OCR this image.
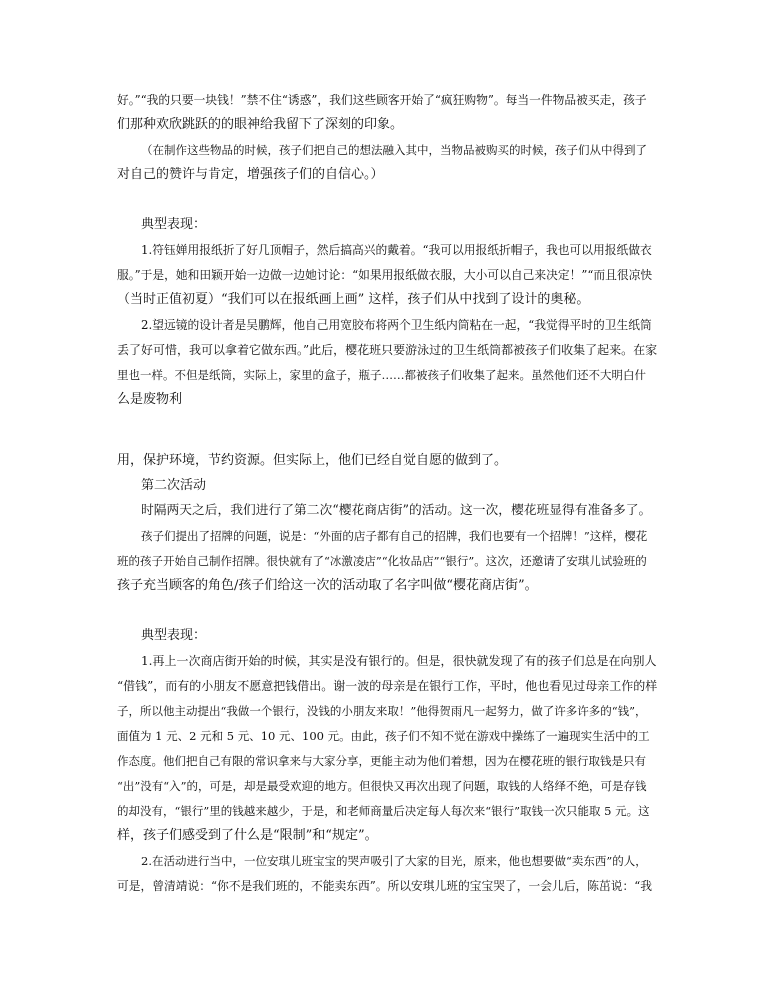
好。”“我的只要一块钱！”禁不住“诱惑”，我们这些顾客开始了“疯狂购物”。每当一件物品被买走，孩子
们那种欢欣跳跃的的眼神给我留下了深刻的印象。
（在制作这些物品的时候，孩子们把自己的想法融入其中，当物品被购买的时候，孩子们从中得到了
对自己的赞许与肯定，增强孩子们的自信心。）
典型表现：
1.符钰婵用报纸折了好几顶帽子，然后搞高兴的戴着。“我可以用报纸折帽子，我也可以用报纸做衣
服。”于是，她和田颖开始一边做一边她讨论：“如果用报纸做衣服，大小可以自己来决定！”“而且很凉快
（当时正值初夏）“我们可以在报纸画上画” 这样，孩子们从中找到了设计的奥秘。
2.望远镜的设计者是吴鹏辉，他自己用宽胶布将两个卫生纸内筒粘在一起，“我觉得平时的卫生纸筒
丢了好可惜，我可以拿着它做东西。”此后，樱花班只要游泳过的卫生纸筒都被孩子们收集了起来。在家
里也一样。不但是纸筒，实际上，家里的盒子，瓶子……都被孩子们收集了起来。虽然他们还不大明白什
么是废物利
用，保护环境，节约资源。但实际上，他们已经自觉自愿的做到了。
第二次活动
时隔两天之后，我们进行了第二次“樱花商店街”的活动。这一次，樱花班显得有准备多了。
孩子们提出了招牌的问题，说是：“外面的店子都有自己的招牌，我们也要有一个招牌！”这样，樱花
班的孩子开始自己制作招牌。很快就有了“冰激凌店”“化妆品店”“银行”。这次，还邀请了安琪儿试验班的
孩子充当顾客的角色/孩子们给这一次的活动取了名字叫做“樱花商店街”。
典型表现：
1.再上一次商店街开始的时候，其实是没有银行的。但是，很快就发现了有的孩子们总是在向别人
“借钱”，而有的小朋友不愿意把钱借出。谢一波的母亲是在银行工作，平时，他也看见过母亲工作的样
子，所以他主动提出“我做一个银行，没钱的小朋友来取！”他得贺雨凡一起努力，做了许多许多的“钱”，
面值为 1 元、2 元和 5 元、10 元、100 元。由此，孩子们不知不觉在游戏中操练了一遍现实生活中的工
作态度。他们把自己有限的常识拿来与大家分享，更能主动为他们着想，因为在樱花班的银行取钱是只有
“出”没有“入”的，可是，却是最受欢迎的地方。但很快又再次出现了问题，取钱的人络绎不绝，可是存钱
的却没有，“银行”里的钱越来越少，于是，和老师商量后决定每人每次来“银行”取钱一次只能取 5 元。这
样，孩子们感受到了什么是“限制”和“规定”。
2.在活动进行当中，一位安琪儿班宝宝的哭声吸引了大家的目光，原来，他也想要做“卖东西”的人，
可是，曾清靖说：“你不是我们班的，不能卖东西”。所以安琪儿班的宝宝哭了，一会儿后，陈茁说：“我
